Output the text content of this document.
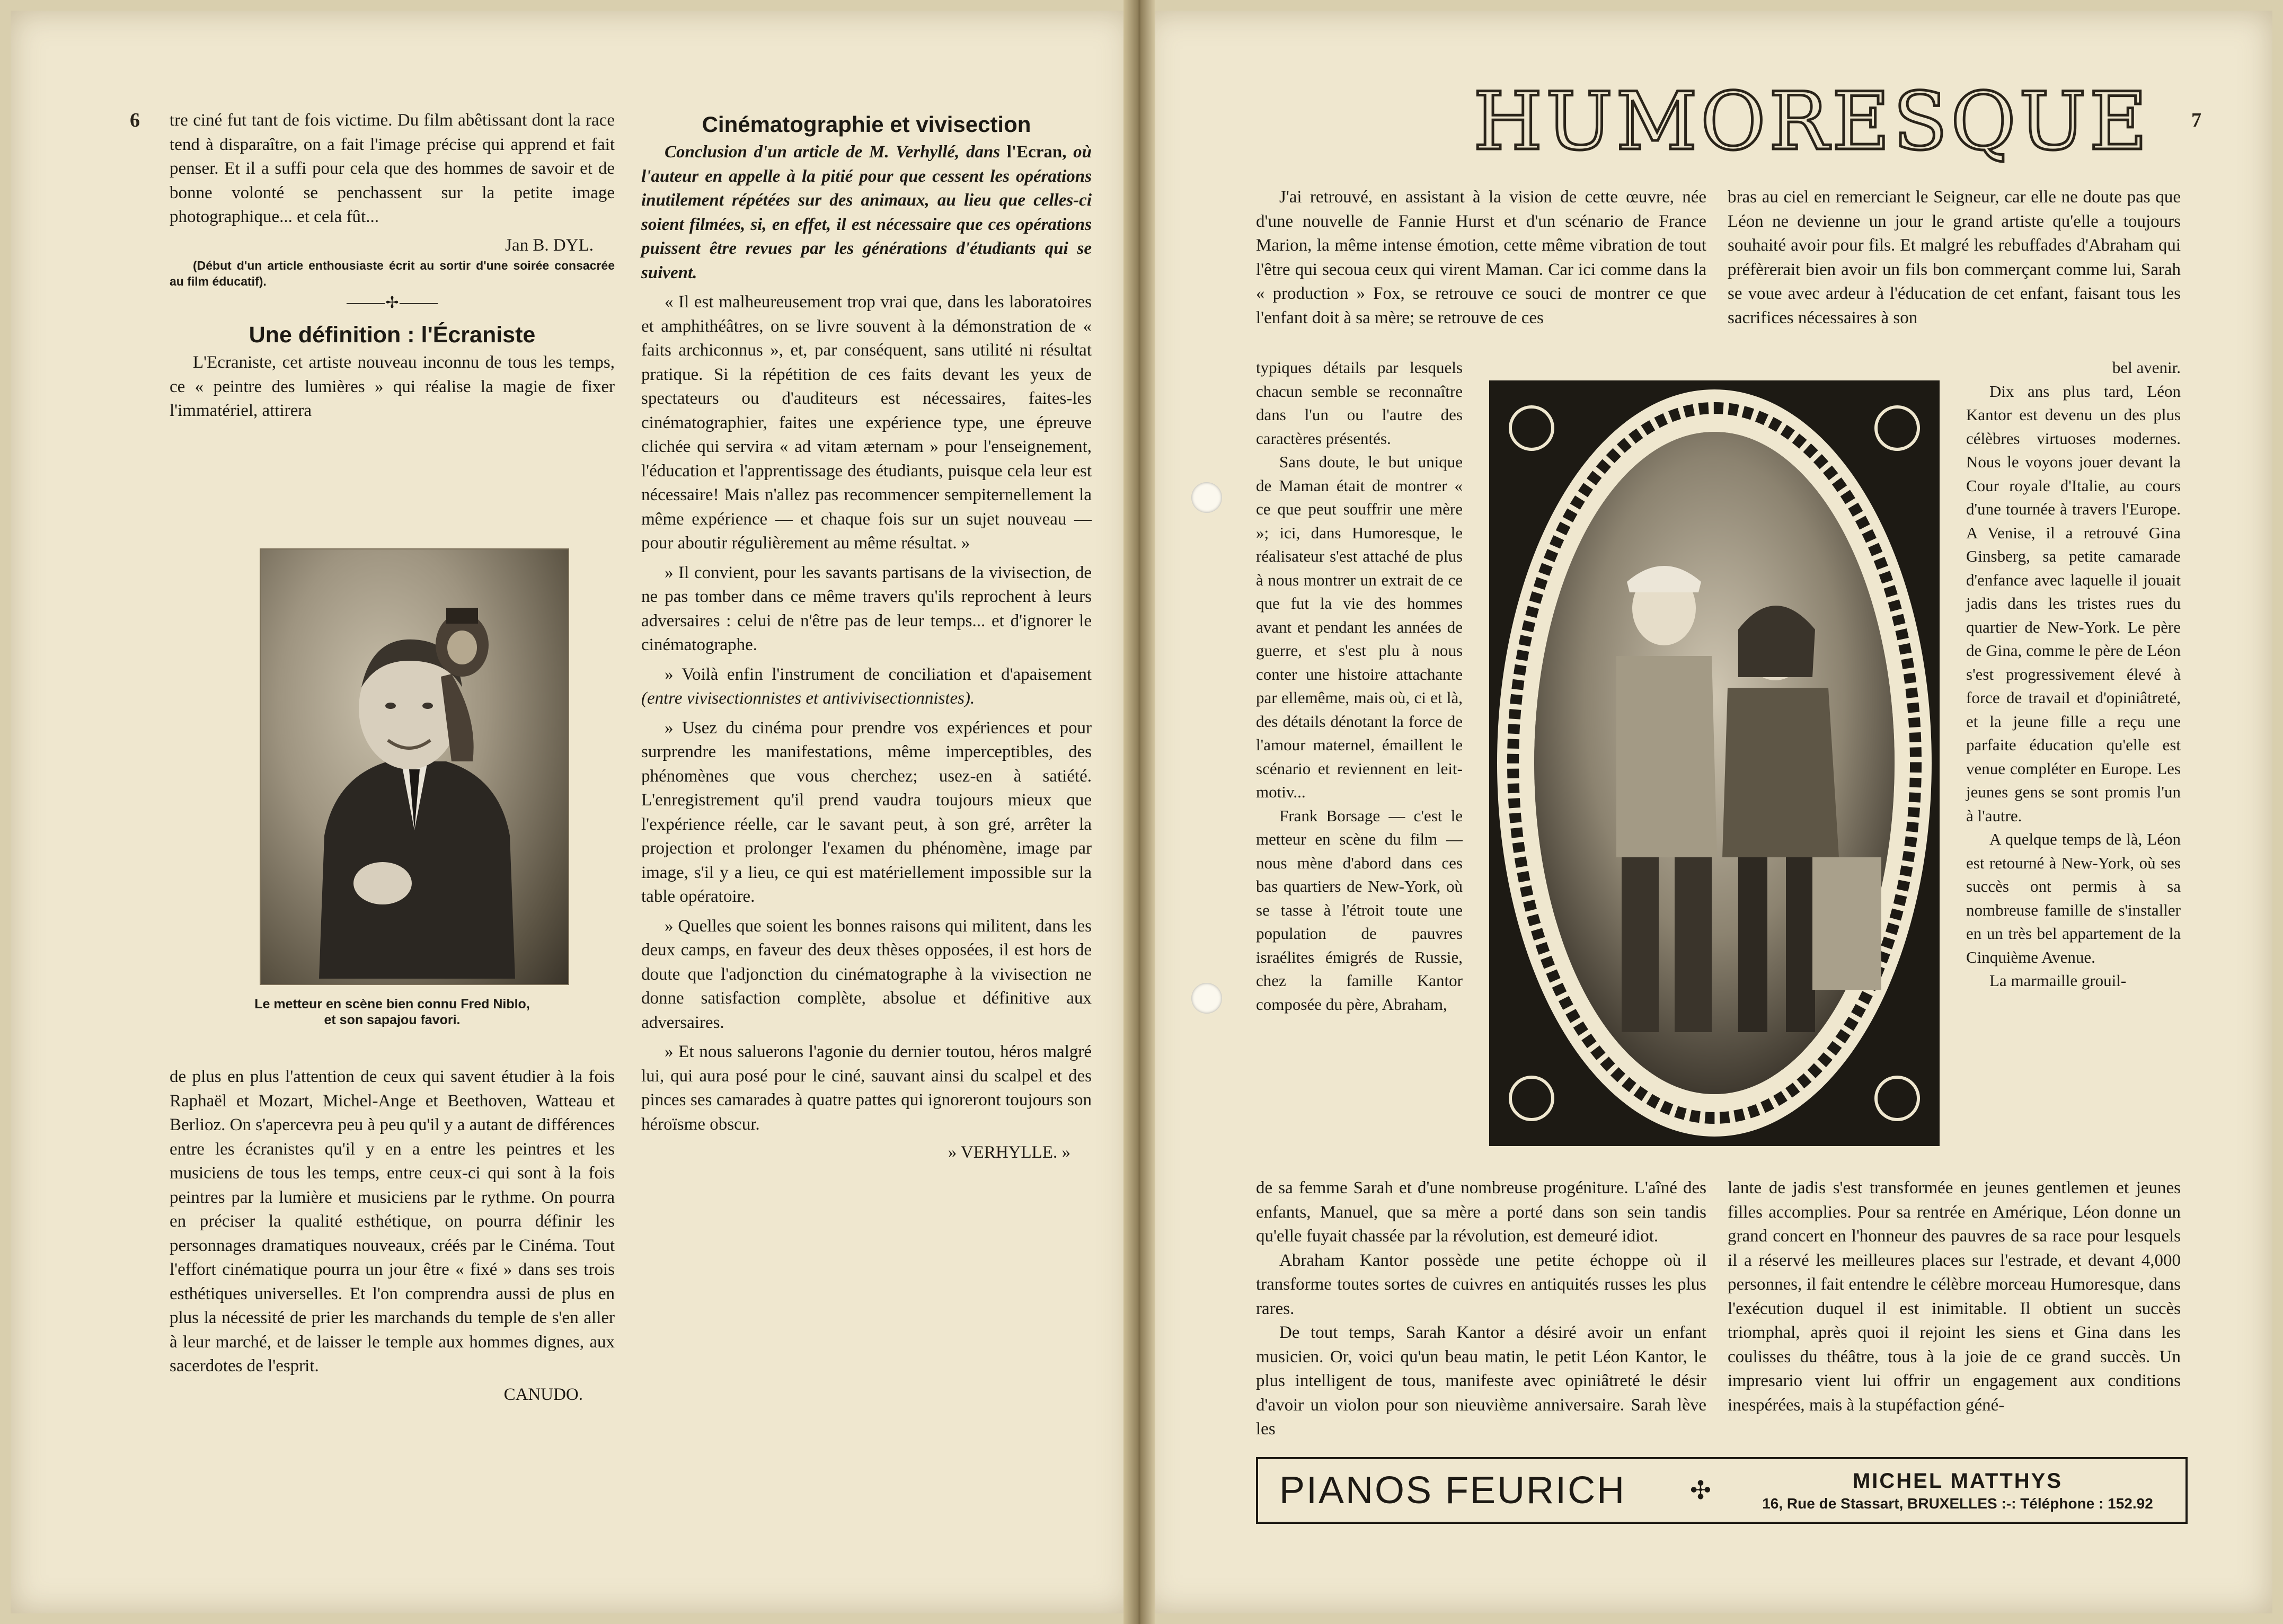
6	7

tre ciné fut tant de fois victime. Du film abêtissant dont la race tend à disparaître, on a fait l'image précise qui apprend et fait penser. Et il a suffi pour cela que des hommes de savoir et de bonne volonté se penchassent sur la petite image photographique... et cela fût...

Jan B. DYL.

(Début d'un article enthousiaste écrit au sortir d'une soirée consacrée au film éducatif).

⸻✢⸻

Une définition : l'Écraniste

L'Ecraniste, cet artiste nouveau inconnu de tous les temps, ce « peintre des lumières » qui réalise la magie de fixer l'immatériel, attirera

Le metteur en scène bien connu Fred Niblo,

et son sapajou favori.

de plus en plus l'attention de ceux qui savent étudier à la fois Raphaël et Mozart, Michel-Ange et Beethoven, Watteau et Berlioz. On s'apercevra peu à peu qu'il y a autant de différences entre les écranistes qu'il y en a entre les peintres et les musiciens de tous les temps, entre ceux-ci qui sont à la fois peintres par la lumière et musiciens par le rythme. On pourra en préciser la qualité esthétique, on pourra définir les personnages dramatiques nouveaux, créés par le Cinéma. Tout l'effort cinématique pourra un jour être « fixé » dans ses trois esthétiques universelles. Et l'on comprendra aussi de plus en plus la nécessité de prier les marchands du temple de s'en aller à leur marché, et de laisser le temple aux hommes dignes, aux sacerdotes de l'esprit.

CANUDO.

Cinématographie et vivisection

Conclusion d'un article de M. Verhyllé, dans l'Ecran, où l'auteur en appelle à la pitié pour que cessent les opérations inutilement répétées sur des animaux, au lieu que celles-ci soient filmées, si, en effet, il est nécessaire que ces opérations puissent être revues par les générations d'étudiants qui se suivent.

« Il est malheureusement trop vrai que, dans les laboratoires et amphithéâtres, on se livre souvent à la démonstration de « faits archiconnus », et, par conséquent, sans utilité ni résultat pratique. Si la répétition de ces faits devant les yeux de spectateurs ou d'auditeurs est nécessaires, faites-les cinématographier, faites une expérience type, une épreuve clichée qui servira « ad vitam æternam » pour l'enseignement, l'éducation et l'apprentissage des étudiants, puisque cela leur est nécessaire! Mais n'allez pas recommencer sempiternellement la même expérience — et chaque fois sur un sujet nouveau — pour aboutir régulièrement au même résultat. »

» Il convient, pour les savants partisans de la vivisection, de ne pas tomber dans ce même travers qu'ils reprochent à leurs adversaires : celui de n'être pas de leur temps... et d'ignorer le cinématographe.

» Voilà enfin l'instrument de conciliation et d'apaisement (entre vivisectionnistes et antivivisectionnistes).

» Usez du cinéma pour prendre vos expériences et pour surprendre les manifestations, même imperceptibles, des phénomènes que vous cherchez; usez-en à satiété. L'enregistrement qu'il prend vaudra toujours mieux que l'expérience réelle, car le savant peut, à son gré, arrêter la projection et prolonger l'examen du phénomène, image par image, s'il y a lieu, ce qui est matériellement impossible sur la table opératoire.

» Quelles que soient les bonnes raisons qui militent, dans les deux camps, en faveur des deux thèses opposées, il est hors de doute que l'adjonction du cinématographe à la vivisection ne donne satisfaction complète, absolue et définitive aux adversaires.

» Et nous saluerons l'agonie du dernier toutou, héros malgré lui, qui aura posé pour le ciné, sauvant ainsi du scalpel et des pinces ses camarades à quatre pattes qui ignoreront toujours son héroïsme obscur.

» VERHYLLE. »

HUMORESQUE

J'ai retrouvé, en assistant à la vision de cette œuvre, née d'une nouvelle de Fannie Hurst et d'un scénario de France Marion, la même intense émotion, cette même vibration de tout l'être qui secoua ceux qui virent Maman. Car ici comme dans la « production » Fox, se retrouve ce souci de montrer ce que l'enfant doit à sa mère; se retrouve de ces

typiques détails par lesquels chacun semble se reconnaître dans l'un ou l'autre des caractères présentés.

Sans doute, le but unique de Maman était de montrer « ce que peut souffrir une mère »; ici, dans Humoresque, le réalisateur s'est attaché de plus à nous montrer un extrait de ce que fut la vie des hommes avant et pendant les années de guerre, et s'est plu à nous conter une histoire attachante par ellemême, mais où, ci et là, des détails dénotant la force de l'amour maternel, émaillent le scénario et reviennent en leit-motiv...

Frank Borsage — c'est le metteur en scène du film — nous mène d'abord dans ces bas quartiers de New-York, où se tasse à l'étroit toute une population de pauvres israélites émigrés de Russie, chez la famille Kantor composée du père, Abraham,

bel avenir.

Dix ans plus tard, Léon Kantor est devenu un des plus célèbres virtuoses modernes. Nous le voyons jouer devant la Cour royale d'Italie, au cours d'une tournée à travers l'Europe. A Venise, il a retrouvé Gina Ginsberg, sa petite camarade d'enfance avec laquelle il jouait jadis dans les tristes rues du quartier de New-York. Le père de Gina, comme le père de Léon s'est progressivement élevé à force de travail et d'opiniâtreté, et la jeune fille a reçu une parfaite éducation qu'elle est venue compléter en Europe. Les jeunes gens se sont promis l'un à l'autre.

A quelque temps de là, Léon est retourné à New-York, où ses succès ont permis à sa nombreuse famille de s'installer en un très bel appartement de la Cinquième Avenue.

La marmaille grouil-

bras au ciel en remerciant le Seigneur, car elle ne doute pas que Léon ne devienne un jour le grand artiste qu'elle a toujours souhaité avoir pour fils. Et malgré les rebuffades d'Abraham qui préfèrerait bien avoir un fils bon commerçant comme lui, Sarah se voue avec ardeur à l'éducation de cet enfant, faisant tous les sacrifices nécessaires à son

de sa femme Sarah et d'une nombreuse progéniture. L'aîné des enfants, Manuel, que sa mère a porté dans son sein tandis qu'elle fuyait chassée par la révolution, est demeuré idiot.

Abraham Kantor possède une petite échoppe où il transforme toutes sortes de cuivres en antiquités russes les plus rares.

De tout temps, Sarah Kantor a désiré avoir un enfant musicien. Or, voici qu'un beau matin, le petit Léon Kantor, le plus intelligent de tous, manifeste avec opiniâtreté le désir d'avoir un violon pour son nieuvième anniversaire. Sarah lève les

lante de jadis s'est transformée en jeunes gentlemen et jeunes filles accomplies. Pour sa rentrée en Amérique, Léon donne un grand concert en l'honneur des pauvres de sa race pour lesquels il a réservé les meilleures places sur l'estrade, et devant 4,000 personnes, il fait entendre le célèbre morceau Humoresque, dans l'exécution duquel il est inimitable. Il obtient un succès triomphal, après quoi il rejoint les siens et Gina dans les coulisses du théâtre, tous à la joie de ce grand succès. Un impresario vient lui offrir un engagement aux conditions inespérées, mais à la stupéfaction géné-

PIANOS FEURICH	✣	MICHEL MATTHYS
16, Rue de Stassart, BRUXELLES :-: Téléphone : 152.92
